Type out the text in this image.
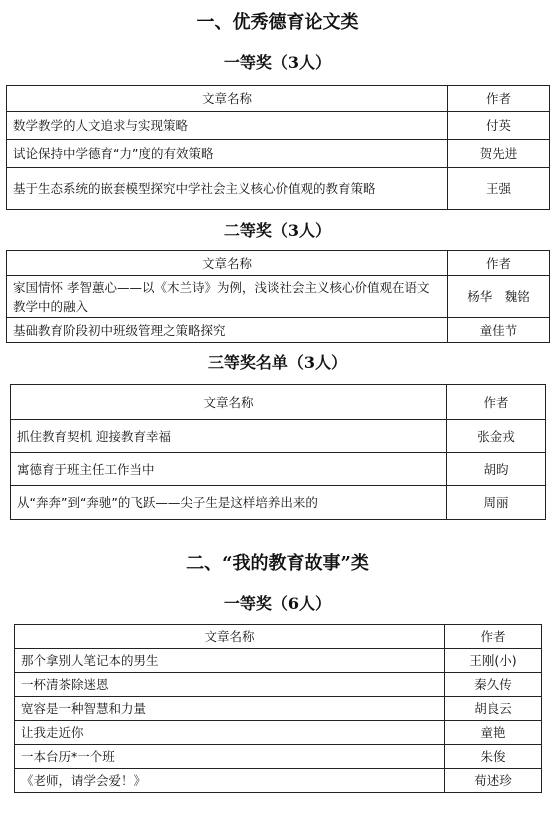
一、优秀德育论文类
一等奖（3人）
文章名称	作者
数学教学的人文追求与实现策略	付英
试论保持中学德育“力”度的有效策略	贺先进
基于生态系统的嵌套模型探究中学社会主义核心价值观的教育策略	王强
二等奖（3人）
文章名称	作者
家国情怀 孝智蕙心——以《木兰诗》为例，浅谈社会主义核心价值观在语文教学中的融入	杨华　魏铭
基础教育阶段初中班级管理之策略探究	童佳节
三等奖名单（3人）
文章名称	作者
抓住教育契机 迎接教育幸福	张金戎
寓德育于班主任工作当中	胡昀
从“奔奔”到“奔驰”的飞跃——尖子生是这样培养出来的	周丽
二、“我的教育故事”类
一等奖（6人）
文章名称	作者
那个拿别人笔记本的男生	王刚(小)
一杯清茶除迷恩	秦久传
宽容是一种智慧和力量	胡良云
让我走近你	童艳
一本台历*一个班	朱俊
《老师，请学会爱！》	荀述珍
